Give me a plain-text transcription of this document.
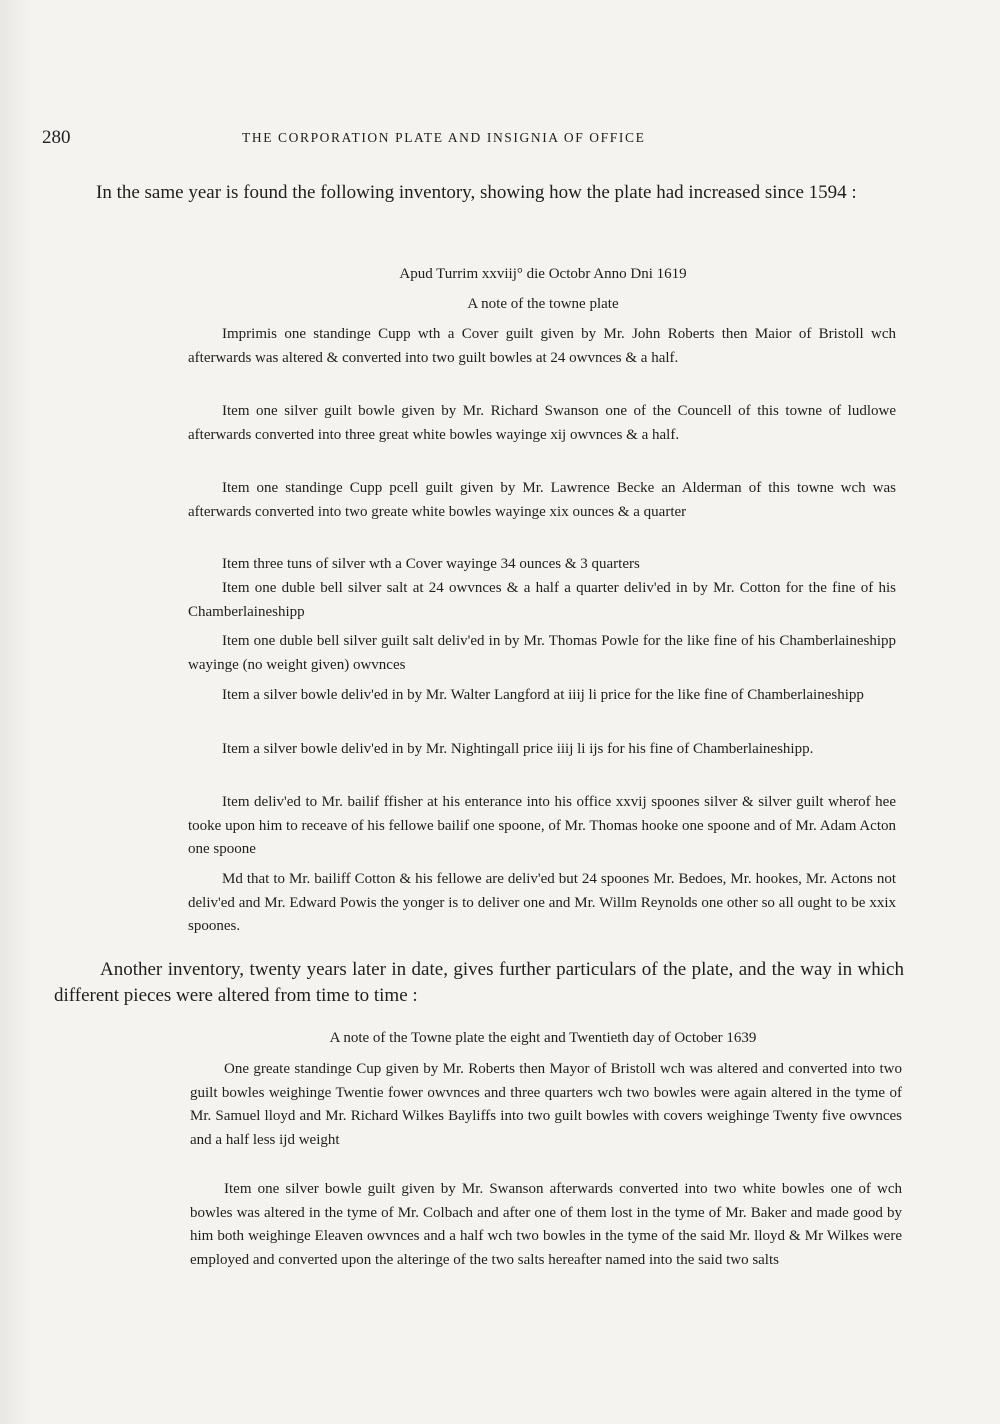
280	THE CORPORATION PLATE AND INSIGNIA OF OFFICE

In the same year is found the following inventory, showing how the plate had increased since 1594 :

Apud Turrim xxviij° die Octobr Anno Dni 1619
A note of the towne plate

Imprimis one standinge Cupp wth a Cover guilt given by Mr. John Roberts then Maior of Bristoll wch afterwards was altered & converted into two guilt bowles at 24 owvnces & a half.

Item one silver guilt bowle given by Mr. Richard Swanson one of the Councell of this towne of ludlowe afterwards converted into three great white bowles wayinge xij owvnces & a half.

Item one standinge Cupp pcell guilt given by Mr. Lawrence Becke an Alderman of this towne wch was afterwards converted into two greate white bowles wayinge xix ounces & a quarter

Item three tuns of silver wth a Cover wayinge 34 ounces & 3 quarters

Item one duble bell silver salt at 24 owvnces & a half a quarter deliv'ed in by Mr. Cotton for the fine of his Chamberlaineshipp

Item one duble bell silver guilt salt deliv'ed in by Mr. Thomas Powle for the like fine of his Chamberlaineshipp wayinge (no weight given) owvnces

Item a silver bowle deliv'ed in by Mr. Walter Langford at iiij li price for the like fine of Chamberlaineshipp

Item a silver bowle deliv'ed in by Mr. Nightingall price iiij li ijs for his fine of Chamberlaineshipp.

Item deliv'ed to Mr. bailif ffisher at his enterance into his office xxvij spoones silver & silver guilt wherof hee tooke upon him to receave of his fellowe bailif one spoone, of Mr. Thomas hooke one spoone and of Mr. Adam Acton one spoone

Md that to Mr. bailiff Cotton & his fellowe are deliv'ed but 24 spoones Mr. Bedoes, Mr. hookes, Mr. Actons not deliv'ed and Mr. Edward Powis the yonger is to deliver one and Mr. Willm Reynolds one other so all ought to be xxix spoones.

Another inventory, twenty years later in date, gives further particulars of the plate, and the way in which different pieces were altered from time to time :

A note of the Towne plate the eight and Twentieth day of October 1639

One greate standinge Cup given by Mr. Roberts then Mayor of Bristoll wch was altered and converted into two guilt bowles weighinge Twentie fower owvnces and three quarters wch two bowles were again altered in the tyme of Mr. Samuel lloyd and Mr. Richard Wilkes Bayliffs into two guilt bowles with covers weighinge Twenty five owvnces and a half less ijd weight

Item one silver bowle guilt given by Mr. Swanson afterwards converted into two white bowles one of wch bowles was altered in the tyme of Mr. Colbach and after one of them lost in the tyme of Mr. Baker and made good by him both weighinge Eleaven owvnces and a half wch two bowles in the tyme of the said Mr. lloyd & Mr Wilkes were employed and converted upon the alteringe of the two salts hereafter named into the said two salts
